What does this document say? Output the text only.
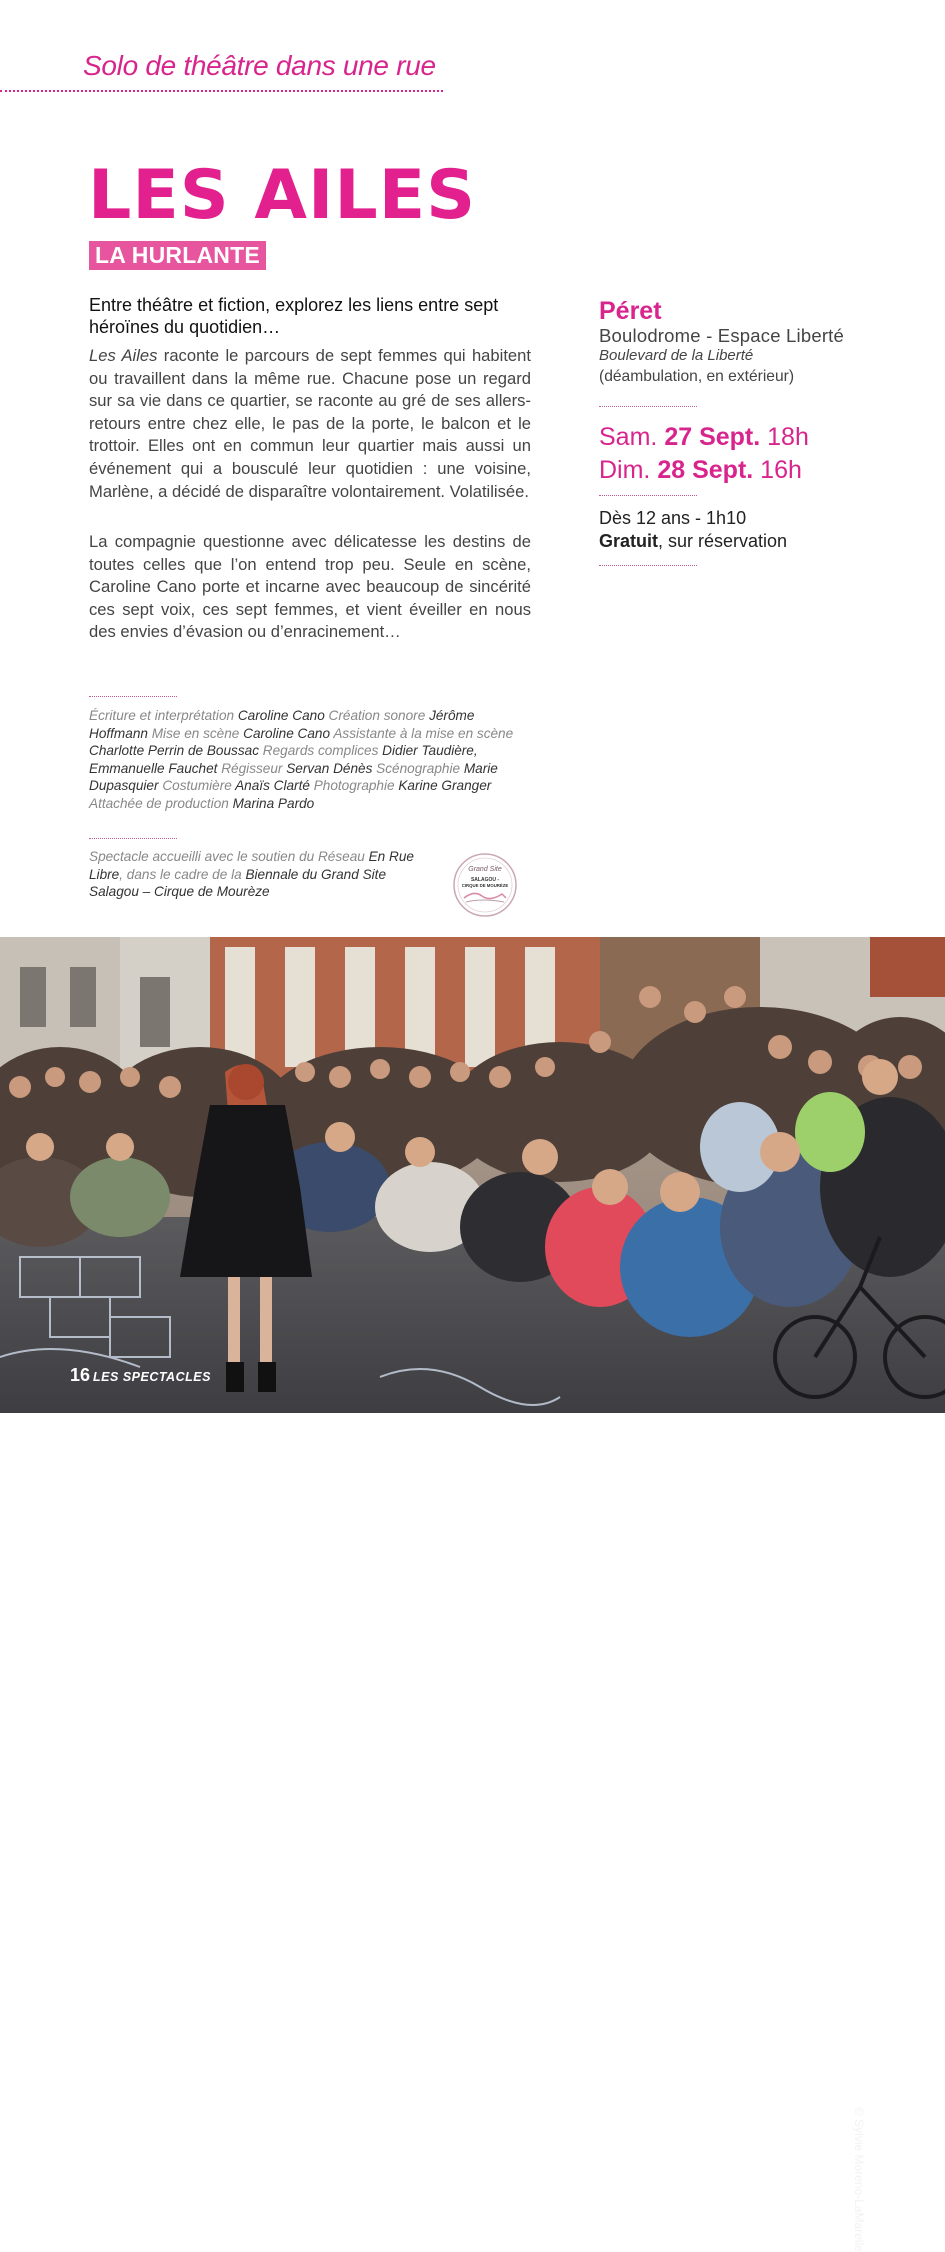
Solo de théâtre dans une rue
LES AILES
LA HURLANTE

Entre théâtre et fiction, explorez les liens entre sept héroïnes du quotidien…

Les Ailes raconte le parcours de sept femmes qui habitent ou travaillent dans la même rue. Chacune pose un regard sur sa vie dans ce quartier, se raconte au gré de ses allers-retours entre chez elle, le pas de la porte, le balcon et le trottoir. Elles ont en commun leur quartier mais aussi un événement qui a bousculé leur quotidien : une voisine, Marlène, a décidé de disparaître volontairement. Volatilisée.

La compagnie questionne avec délicatesse les destins de toutes celles que l’on entend trop peu. Seule en scène, Caroline Cano porte et incarne avec beaucoup de sincérité ces sept voix, ces sept femmes, et vient éveiller en nous des envies d’évasion ou d’enracinement…

Écriture et interprétation Caroline Cano Création sonore Jérôme Hoffmann Mise en scène Caroline Cano Assistante à la mise en scène Charlotte Perrin de Boussac Regards complices Didier Taudière, Emmanuelle Fauchet Régisseur Servan Dénès Scénographie Marie Dupasquier Costumière Anaïs Clarté Photographie Karine Granger Attachée de production Marina Pardo

Spectacle accueilli avec le soutien du Réseau En Rue Libre, dans le cadre de la Biennale du Grand Site Salagou – Cirque de Mourèze

Grand Site
SALAGOU -
CIRQUE DE MOURÈZE

Péret

Boulodrome - Espace Liberté

Boulevard de la Liberté

(déambulation, en extérieur)

Sam. 27 Sept. 18h

Dim. 28 Sept. 16h

Dès 12 ans - 1h10

Gratuit, sur réservation

© Sylvie Moreno-LaMarelle
16 LES SPECTACLES
